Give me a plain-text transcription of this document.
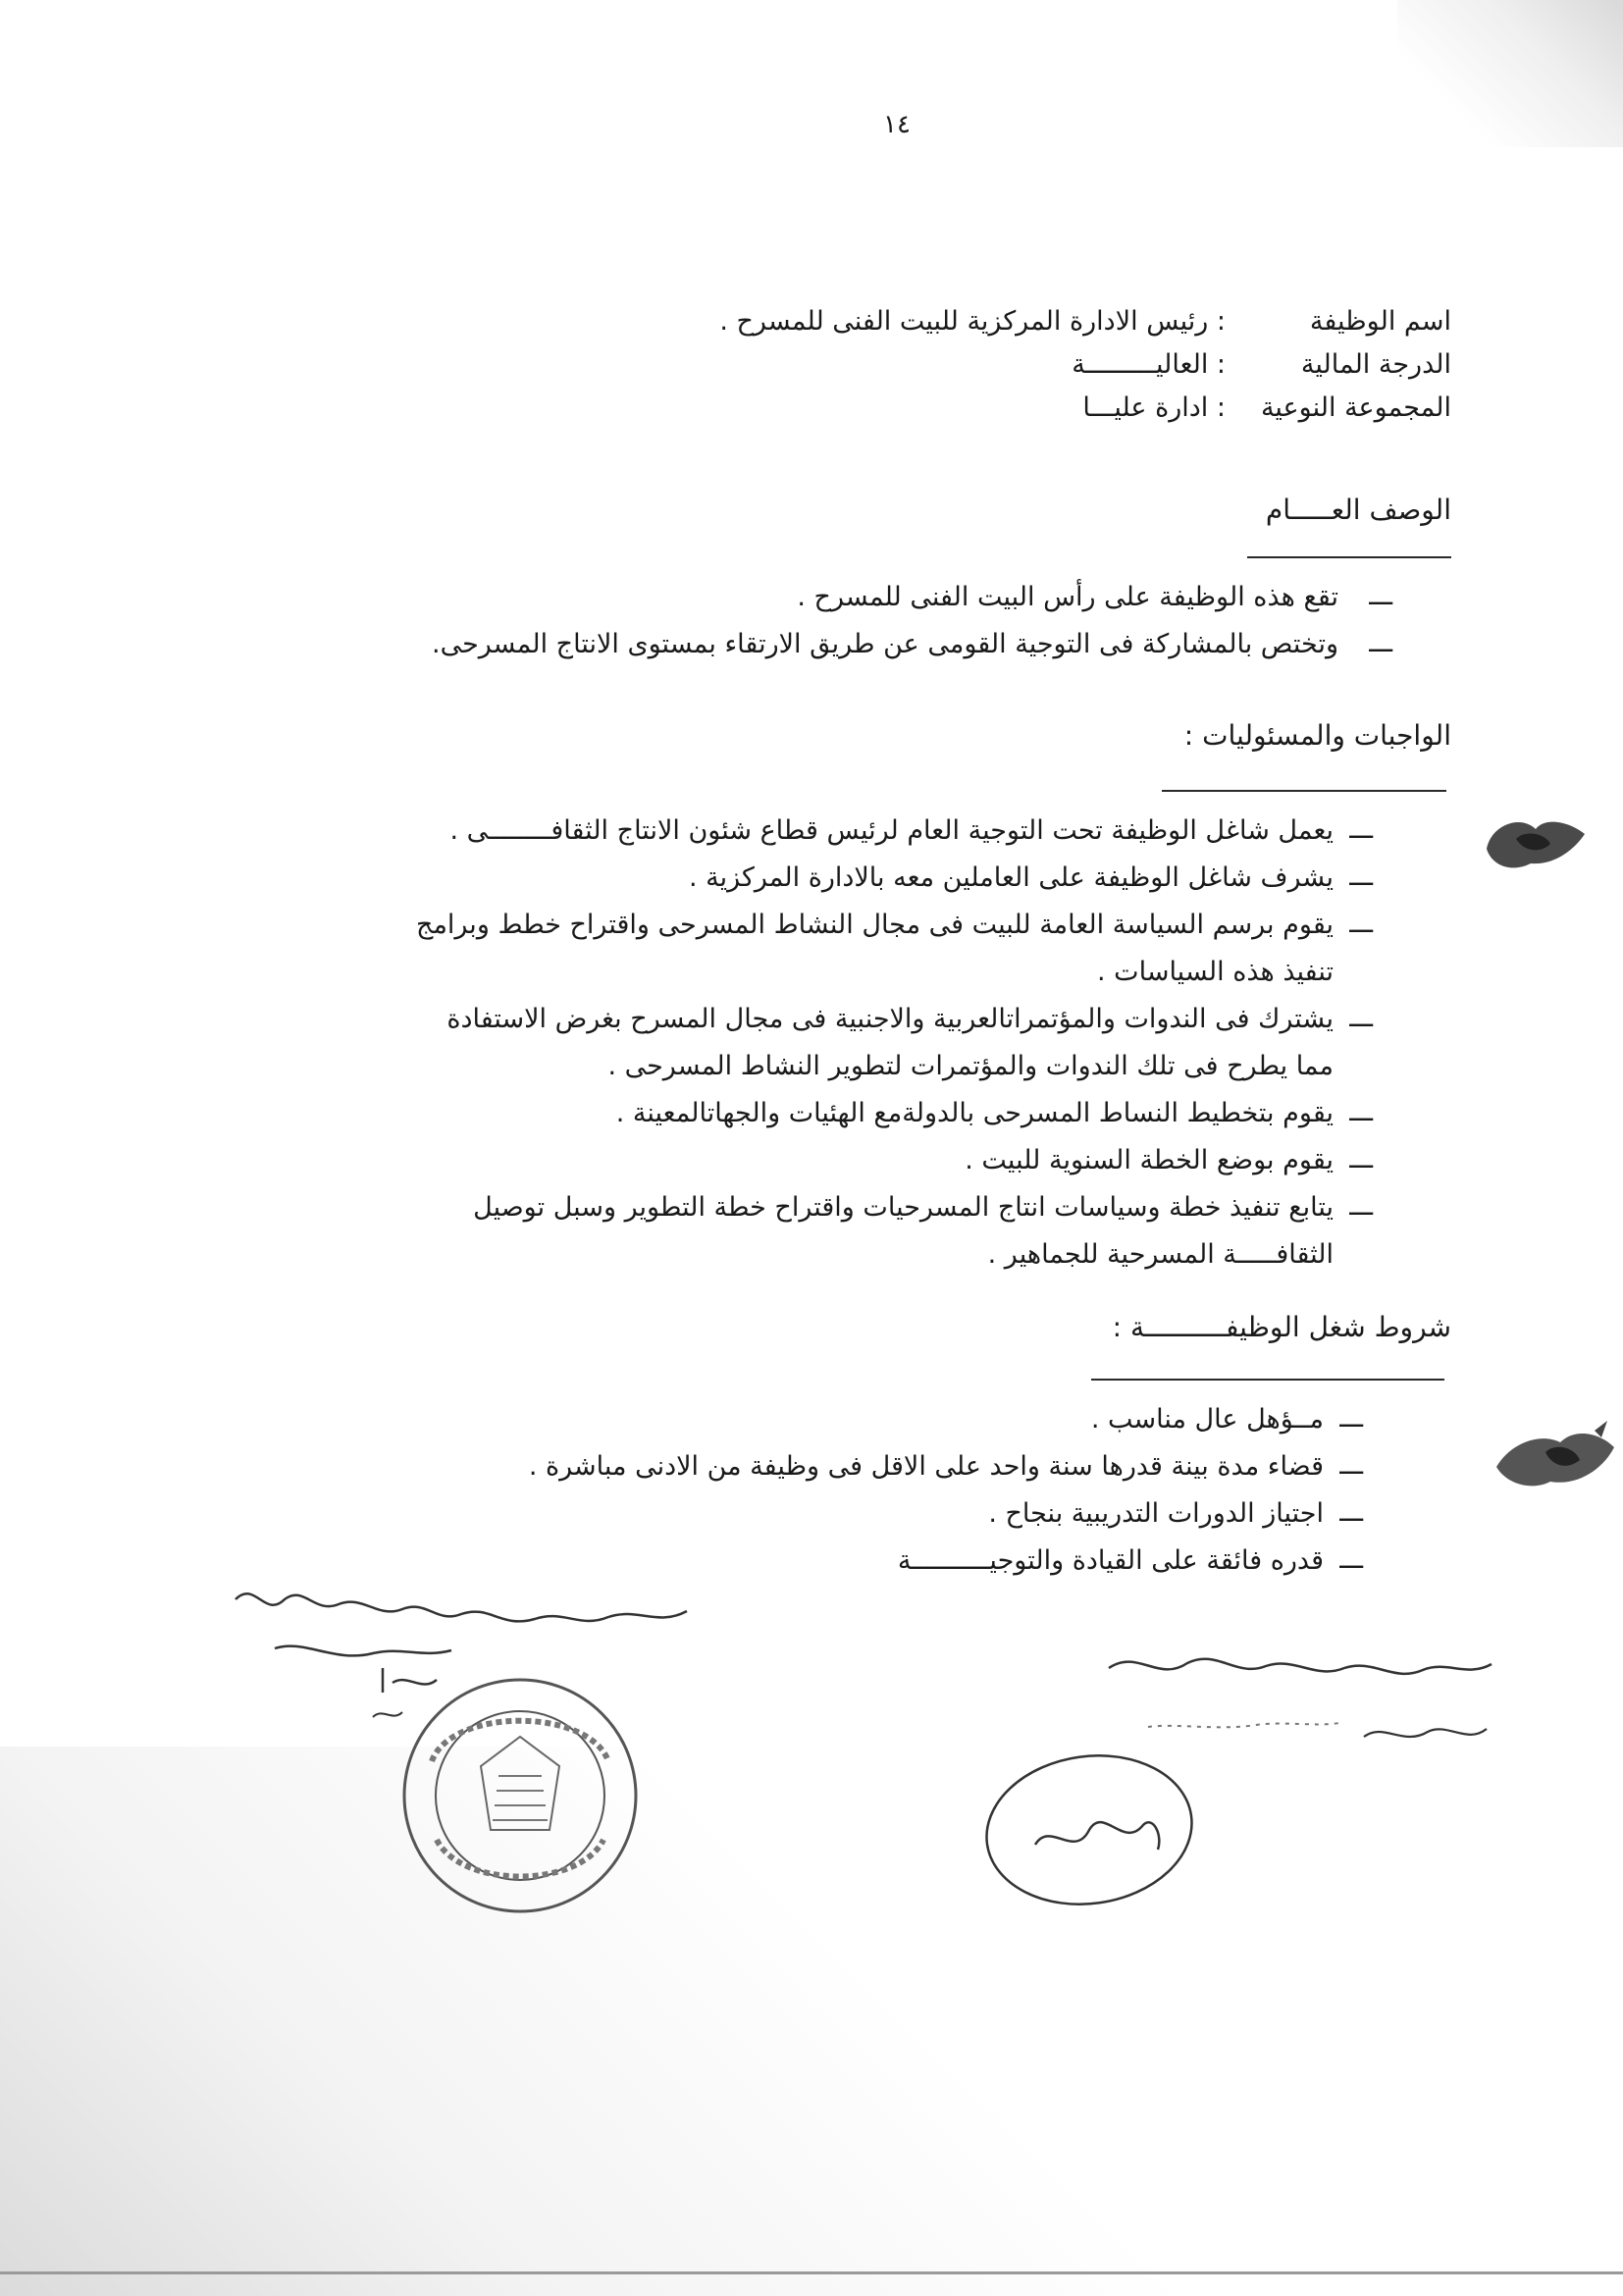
١٤
اسم الوظيفة
: رئيس الادارة المركزية للبيت الفنى للمسرح .
الدرجة المالية
: العاليـــــــــة
المجموعة النوعية
: ادارة عليـــا
الوصف العـــــام
ـــ
تقع هذه الوظيفة على رأس البيت الفنى للمسرح .
ـــ
وتختص بالمشاركة فى التوجية القومى عن طريق الارتقاء بمستوى الانتاج المسرحى.
الواجبات والمسئوليات :
ـــ
يعمل شاغل الوظيفة تحت التوجية العام لرئيس قطاع شئون الانتاج الثقافــــــــى .
ـــ
يشرف شاغل الوظيفة على العاملين معه بالادارة المركزية .
ـــ
يقوم برسم السياسة العامة للبيت فى مجال النشاط المسرحى واقتراح خطط وبرامج
تنفيذ هذه السياسات .
ـــ
يشترك فى الندوات والمؤتمراتالعربية والاجنبية فى مجال المسرح بغرض الاستفادة
مما يطرح فى تلك الندوات والمؤتمرات لتطوير النشاط المسرحى .
ـــ
يقوم بتخطيط النساط المسرحى بالدولةمع الهئيات والجهاتالمعينة .
ـــ
يقوم بوضع الخطة السنوية للبيت .
ـــ
يتابع تنفيذ خطة وسياسات انتاج المسرحيات واقتراح خطة التطوير وسبل توصيل
الثقافـــــة المسرحية للجماهير .
شروط شغل الوظيفــــــــــة :
ـــ
مــؤهل عال مناسب .
ـــ
قضاء مدة بينة قدرها سنة واحد على الاقل فى وظيفة من الادنى مباشرة .
ـــ
اجتياز الدورات التدريبية بنجاح .
ـــ
قدره فائقة على القيادة والتوجيــــــــــة
